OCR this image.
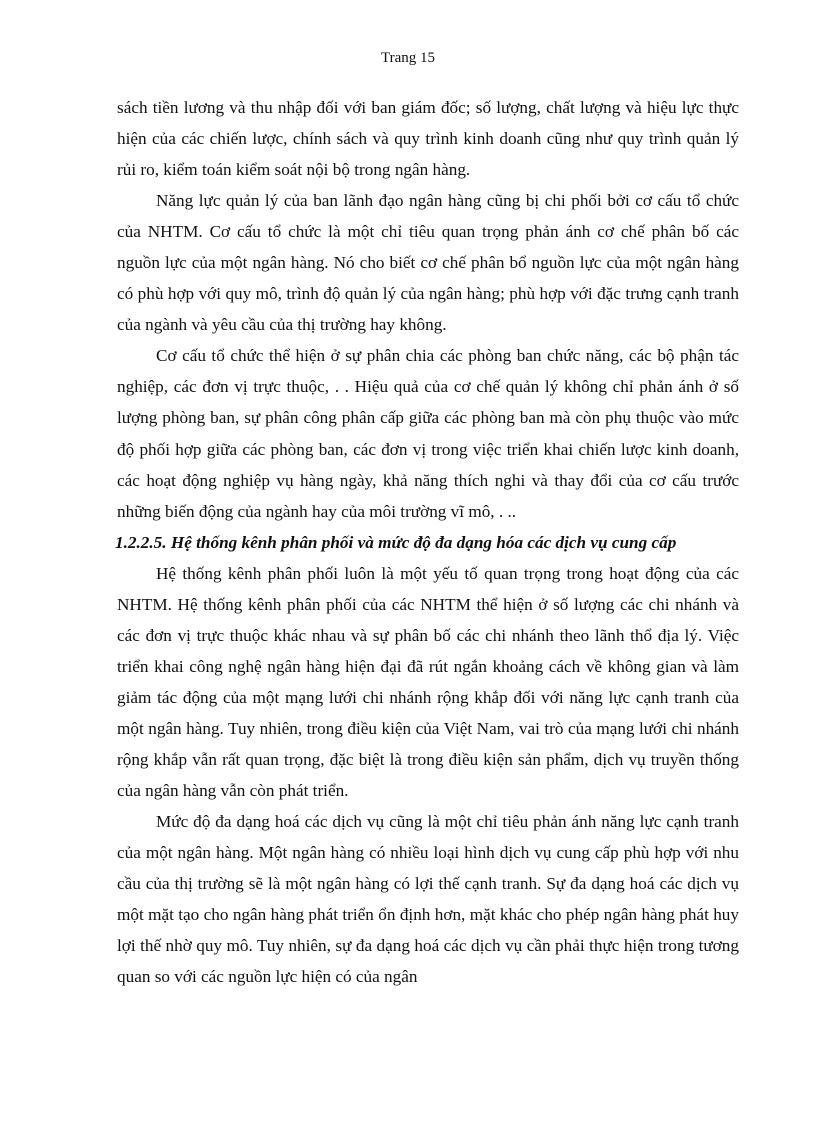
Trang 15

sách tiền lương và thu nhập đối với ban giám đốc; số lượng, chất lượng và hiệu lực thực hiện của các chiến lược, chính sách và quy trình kinh doanh cũng như quy trình quản lý rủi ro, kiểm toán kiểm soát nội bộ trong ngân hàng.

Năng lực quản lý của ban lãnh đạo ngân hàng cũng bị chi phối bởi cơ cấu tổ chức của NHTM. Cơ cấu tổ chức là một chỉ tiêu quan trọng phản ánh cơ chế phân bố các nguồn lực của một ngân hàng. Nó cho biết cơ chế phân bổ nguồn lực của một ngân hàng có phù hợp với quy mô, trình độ quản lý của ngân hàng; phù hợp với đặc trưng cạnh tranh của ngành và yêu cầu của thị trường hay không.

Cơ cấu tổ chức thể hiện ở sự phân chia các phòng ban chức năng, các bộ phận tác nghiệp, các đơn vị trực thuộc, . . Hiệu quả của cơ chế quản lý không chỉ phản ánh ở số lượng phòng ban, sự phân công phân cấp giữa các phòng ban mà còn phụ thuộc vào mức độ phối hợp giữa các phòng ban, các đơn vị trong việc triển khai chiến lược kinh doanh, các hoạt động nghiệp vụ hàng ngày, khả năng thích nghi và thay đổi của cơ cấu trước những biến động của ngành hay của môi trường vĩ mô, . ..

1.2.2.5. Hệ thống kênh phân phối và mức độ đa dạng hóa các dịch vụ cung cấp

Hệ thống kênh phân phối luôn là một yếu tố quan trọng trong hoạt động của các NHTM. Hệ thống kênh phân phối của các NHTM thể hiện ở số lượng các chi nhánh và các đơn vị trực thuộc khác nhau và sự phân bố các chi nhánh theo lãnh thổ địa lý. Việc triển khai công nghệ ngân hàng hiện đại đã rút ngắn khoảng cách về không gian và làm giảm tác động của một mạng lưới chi nhánh rộng khắp đối với năng lực cạnh tranh của một ngân hàng. Tuy nhiên, trong điều kiện của Việt Nam, vai trò của mạng lưới chi nhánh rộng khắp vẫn rất quan trọng, đặc biệt là trong điều kiện sản phẩm, dịch vụ truyền thống của ngân hàng vẫn còn phát triển.

Mức độ đa dạng hoá các dịch vụ cũng là một chỉ tiêu phản ánh năng lực cạnh tranh của một ngân hàng. Một ngân hàng có nhiều loại hình dịch vụ cung cấp phù hợp với nhu cầu của thị trường sẽ là một ngân hàng có lợi thế cạnh tranh. Sự đa dạng hoá các dịch vụ một mặt tạo cho ngân hàng phát triển ổn định hơn, mặt khác cho phép ngân hàng phát huy lợi thế nhờ quy mô. Tuy nhiên, sự đa dạng hoá các dịch vụ cần phải thực hiện trong tương quan so với các nguồn lực hiện có của ngân
